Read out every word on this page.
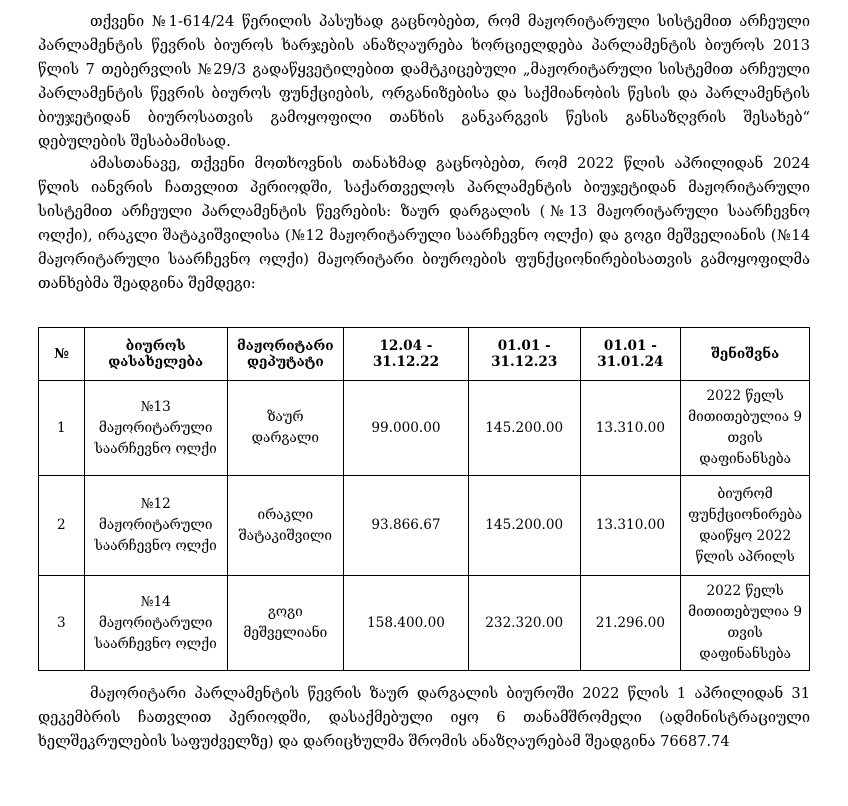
თქვენი №1-614/24 წერილის პასუხად გაცნობებთ, რომ მაჟორიტარული სისტემით არჩეული პარლამენტის წევრის ბიუროს ხარჯების ანაზღაურება ხორციელდება პარლამენტის ბიუროს 2013 წლის 7 თებერვლის №29/3 გადაწყვეტილებით დამტკიცებული „მაჟორიტარული სისტემით არჩეული პარლამენტის წევრის ბიუროს ფუნქციების, ორგანიზებისა და საქმიანობის წესის და პარლამენტის ბიუჯეტიდან ბიუროსათვის გამოყოფილი თანხის განკარგვის წესის განსაზღვრის შესახებ“ დებულების შესაბამისად.

ამასთანავე, თქვენი მოთხოვნის თანახმად გაცნობებთ, რომ 2022 წლის აპრილიდან 2024 წლის იანვრის ჩათვლით პერიოდში, საქართველოს პარლამენტის ბიუჯეტიდან მაჟორიტარული სისტემით არჩეული პარლამენტის წევრების: ზაურ დარგალის (№13 მაჟორიტარული საარჩევნო ოლქი), ირაკლი შატაკიშვილისა (№12 მაჟორიტარული საარჩევნო ოლქი) და გოგი მეშველიანის (№14 მაჟორიტარული საარჩევნო ოლქი) მაჟორიტარი ბიუროების ფუნქციონირებისათვის გამოყოფილმა თანხებმა შეადგინა შემდეგი:

№	ბიუროს დასახელება	მაჟორიტარი დეპუტატი	12.04 - 31.12.22	01.01 - 31.12.23	01.01 - 31.01.24	შენიშვნა
1	№13 მაჟორიტარული საარჩევნო ოლქი	ზაურ დარგალი	99.000.00	145.200.00	13.310.00	2022 წელს მითითებულია 9 თვის დაფინანსება
2	№12 მაჟორიტარული საარჩევნო ოლქი	ირაკლი შატაკიშვილი	93.866.67	145.200.00	13.310.00	ბიურომ ფუნქციონირება დაიწყო 2022 წლის აპრილს
3	№14 მაჟორიტარული საარჩევნო ოლქი	გოგი მეშველიანი	158.400.00	232.320.00	21.296.00	2022 წელს მითითებულია 9 თვის დაფინანსება

მაჟორიტარი პარლამენტის წევრის ზაურ დარგალის ბიუროში 2022 წლის 1 აპრილიდან 31 დეკემბრის ჩათვლით პერიოდში, დასაქმებული იყო 6 თანამშრომელი (ადმინისტრაციული ხელშეკრულების საფუძველზე) და დარიცხულმა შრომის ანაზღაურებამ შეადგინა 76687.74
